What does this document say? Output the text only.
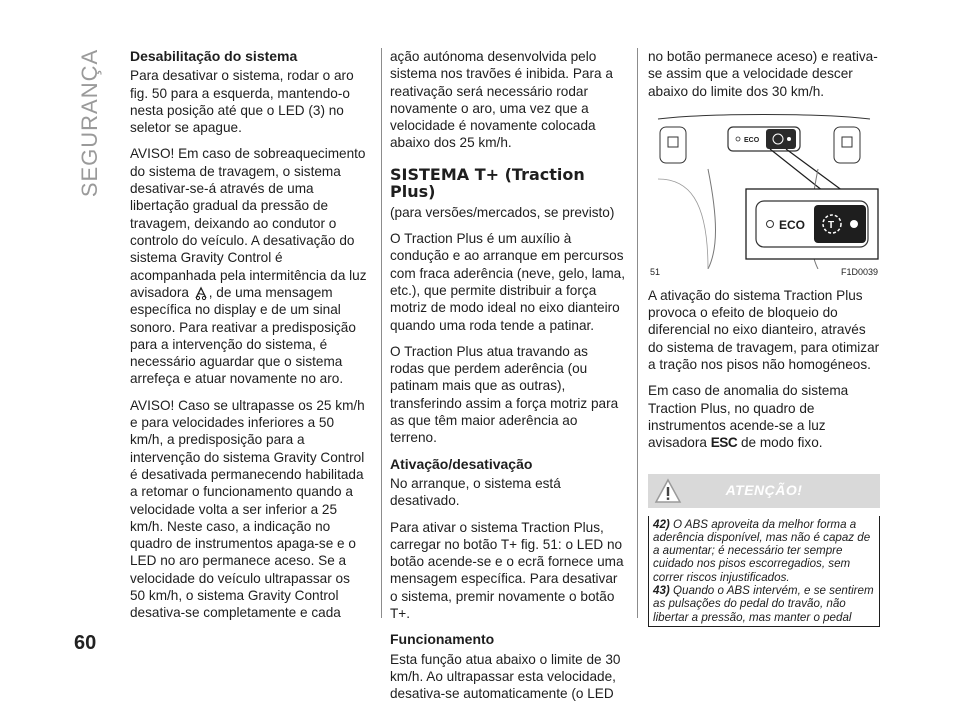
SEGURANÇA Desabilitação do sistema

Para desativar o sistema, rodar o aro fig. 50 para a esquerda, mantendo-o nesta posição até que o LED (3) no seletor se apague.

AVISO! Em caso de sobreaquecimento do sistema de travagem, o sistema desativar-se-á através de uma libertação gradual da pressão de travagem, deixando ao condutor o controlo do veículo. A desativação do sistema Gravity Control é acompanhada pela intermitência da luz avisadora , de uma mensagem específica no display e de um sinal sonoro. Para reativar a predisposição para a intervenção do sistema, é necessário aguardar que o sistema arrefeça e atuar novamente no aro.

AVISO! Caso se ultrapasse os 25 km/h e para velocidades inferiores a 50 km/h, a predisposição para a intervenção do sistema Gravity Control é desativada permanecendo habilitada a retomar o funcionamento quando a velocidade volta a ser inferior a 25 km/h. Neste caso, a indicação no quadro de instrumentos apaga-se e o LED no aro permanece aceso. Se a velocidade do veículo ultrapassar os 50 km/h, o sistema Gravity Control desativa-se completamente e cada

ação autónoma desenvolvida pelo sistema nos travões é inibida. Para a reativação será necessário rodar novamente o aro, uma vez que a velocidade é novamente colocada abaixo dos 25 km/h.

SISTEMA T+ (Traction Plus)

(para versões/mercados, se previsto)

O Traction Plus é um auxílio à condução e ao arranque em percursos com fraca aderência (neve, gelo, lama, etc.), que permite distribuir a força motriz de modo ideal no eixo dianteiro quando uma roda tende a patinar.

O Traction Plus atua travando as rodas que perdem aderência (ou patinam mais que as outras), transferindo assim a força motriz para as que têm maior aderência ao terreno.

Ativação/desativação

No arranque, o sistema está desativado.

Para ativar o sistema Traction Plus, carregar no botão T+ fig. 51: o LED no botão acende-se e o ecrã fornece uma mensagem específica. Para desativar o sistema, premir novamente o botão T+.

Funcionamento

Esta função atua abaixo o limite de 30 km/h. Ao ultrapassar esta velocidade, desativa-se automaticamente (o LED

no botão permanece aceso) e reativa-se assim que a velocidade descer abaixo do limite dos 30 km/h.

ECO
ECO T
51	F1D0039

A ativação do sistema Traction Plus provoca o efeito de bloqueio do diferencial no eixo dianteiro, através do sistema de travagem, para otimizar a tração nos pisos não homogéneos.

Em caso de anomalia do sistema Traction Plus, no quadro de instrumentos acende-se a luz avisadora ESC de modo fixo.

ATENÇÃO!

42) O ABS aproveita da melhor forma a aderência disponível, mas não é capaz de a aumentar; é necessário ter sempre cuidado nos pisos escorregadios, sem correr riscos injustificados.

43) Quando o ABS intervém, e se sentirem as pulsações do pedal do travão, não libertar a pressão, mas manter o pedal

60
